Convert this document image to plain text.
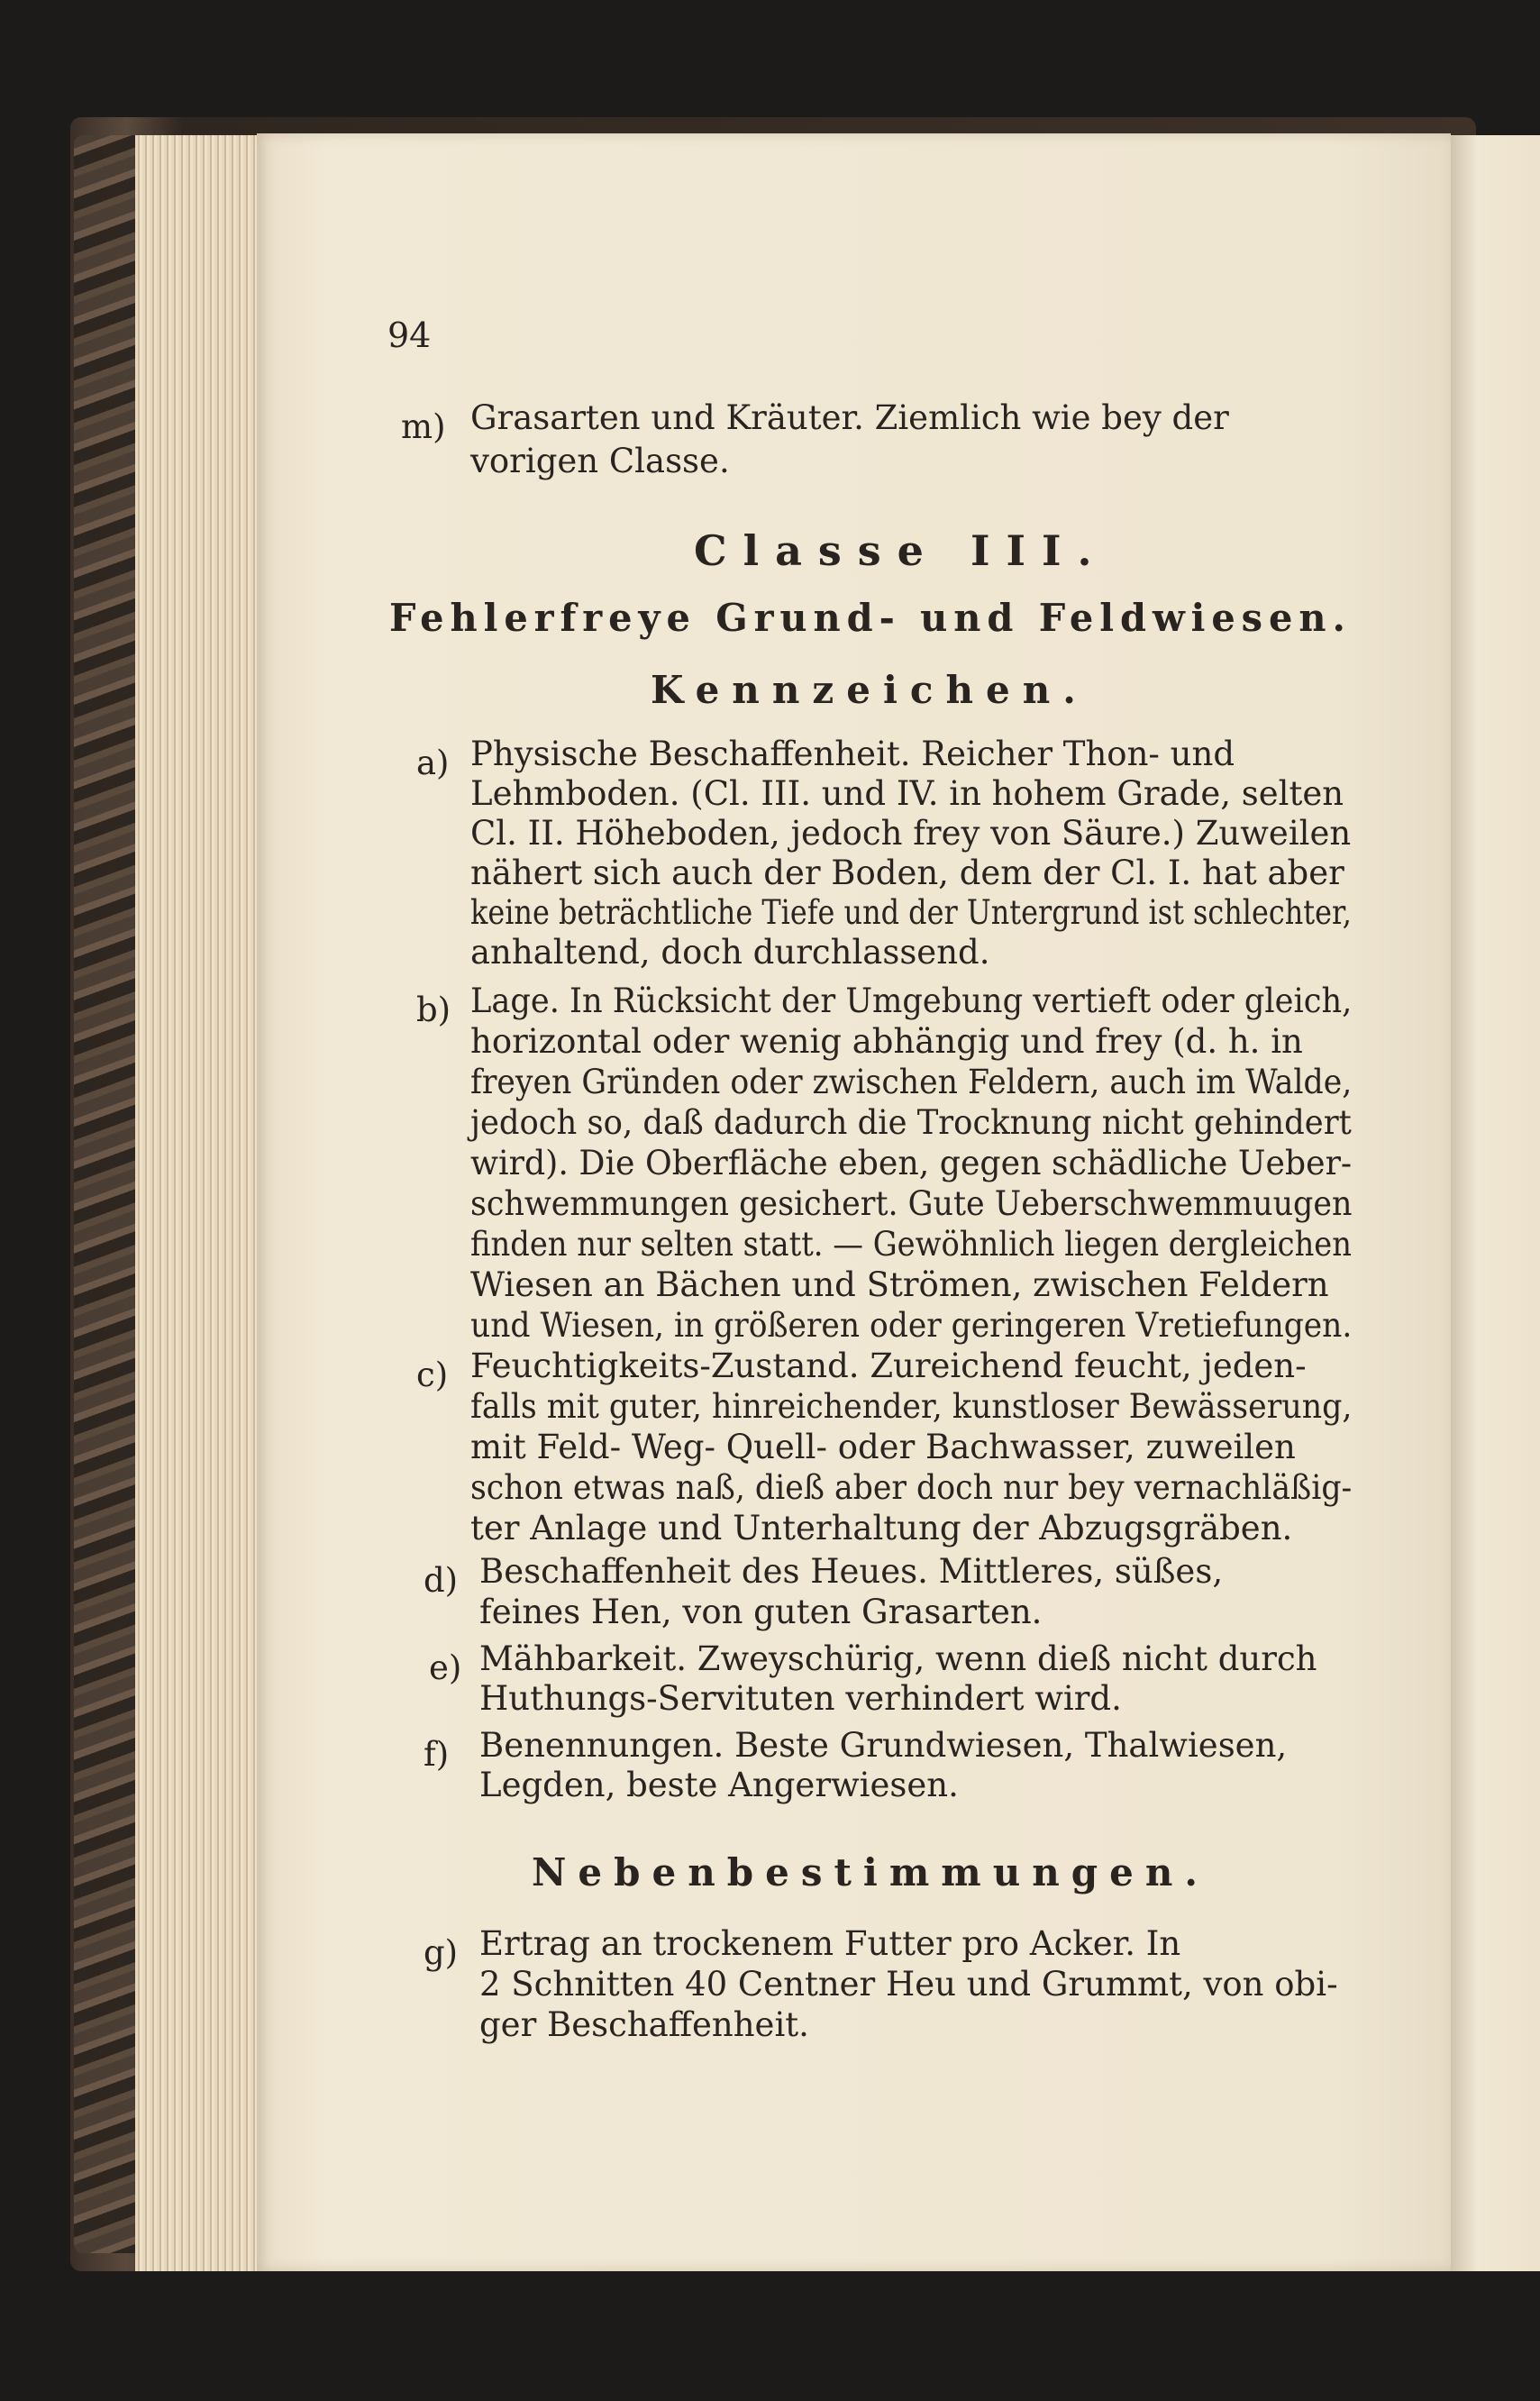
94
m) Grasarten und Kräuter. Ziemlich wie bey der
vorigen Classe.
Classe III.
Fehlerfreye Grund- und Feldwiesen.
Kennzeichen.
a) Physische Beschaffenheit. Reicher Thon- und
Lehmboden. (Cl. III. und IV. in hohem Grade, selten
Cl. II. Höheboden, jedoch frey von Säure.) Zuweilen
nähert sich auch der Boden, dem der Cl. I. hat aber
keine beträchtliche Tiefe und der Untergrund ist schlechter,
anhaltend, doch durchlassend.
b) Lage. In Rücksicht der Umgebung vertieft oder gleich,
horizontal oder wenig abhängig und frey (d. h. in
freyen Gründen oder zwischen Feldern, auch im Walde,
jedoch so, daß dadurch die Trocknung nicht gehindert
wird). Die Oberfläche eben, gegen schädliche Ueber-
schwemmungen gesichert. Gute Ueberschwemmuugen
finden nur selten statt. — Gewöhnlich liegen dergleichen
Wiesen an Bächen und Strömen, zwischen Feldern
und Wiesen, in größeren oder geringeren Vretiefungen.
c) Feuchtigkeits-Zustand. Zureichend feucht, jeden-
falls mit guter, hinreichender, kunstloser Bewässerung,
mit Feld- Weg- Quell- oder Bachwasser, zuweilen
schon etwas naß, dieß aber doch nur bey vernachläßig-
ter Anlage und Unterhaltung der Abzugsgräben.
d) Beschaffenheit des Heues. Mittleres, süßes,
feines Hen, von guten Grasarten.
e) Mähbarkeit. Zweyschürig, wenn dieß nicht durch
Huthungs-Servituten verhindert wird.
f) Benennungen. Beste Grundwiesen, Thalwiesen,
Legden, beste Angerwiesen.
Nebenbestimmungen.
g) Ertrag an trockenem Futter pro Acker. In
2 Schnitten 40 Centner Heu und Grummt, von obi-
ger Beschaffenheit.
